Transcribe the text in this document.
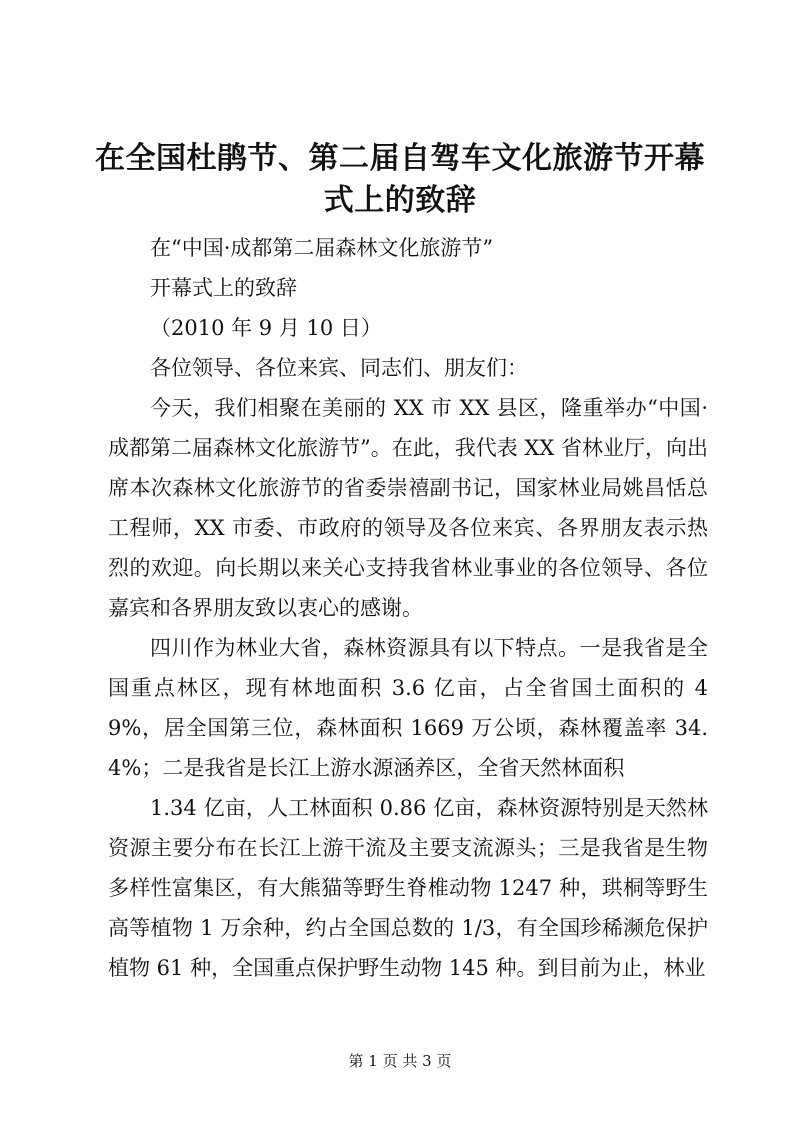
在全国杜鹃节、第二届自驾车文化旅游节开幕
式上的致辞

在“中国·成都第二届森林文化旅游节”

开幕式上的致辞

（2010 年 9 月 10 日）

各位领导、各位来宾、同志们、朋友们：

今天，我们相聚在美丽的 XX 市 XX 县区，隆重举办“中国·成都第二届森林文化旅游节”。在此，我代表 XX 省林业厅，向出席本次森林文化旅游节的省委崇禧副书记，国家林业局姚昌恬总工程师，XX 市委、市政府的领导及各位来宾、各界朋友表示热烈的欢迎。向长期以来关心支持我省林业事业的各位领导、各位嘉宾和各界朋友致以衷心的感谢。

四川作为林业大省，森林资源具有以下特点。一是我省是全国重点林区，现有林地面积 3.6 亿亩，占全省国土面积的 49%，居全国第三位，森林面积 1669 万公顷，森林覆盖率 34.4%；二是我省是长江上游水源涵养区，全省天然林面积

1.34 亿亩，人工林面积 0.86 亿亩，森林资源特别是天然林资源主要分布在长江上游干流及主要支流源头；三是我省是生物多样性富集区，有大熊猫等野生脊椎动物 1247 种，珙桐等野生高等植物 1 万余种，约占全国总数的 1/3，有全国珍稀濒危保护植物 61 种，全国重点保护野生动物 145 种。到目前为止，林业

第 1 页 共 3 页
